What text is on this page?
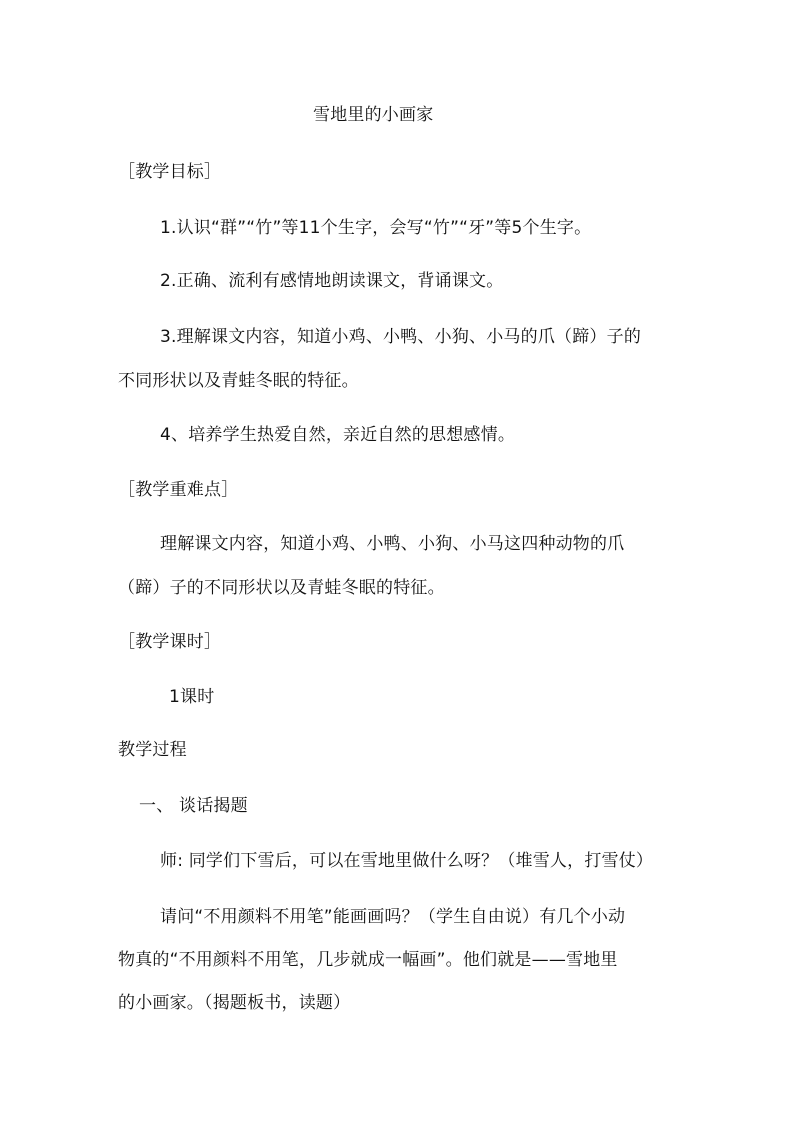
雪地里的小画家
［教学目标］
1.认识“群”“竹”等11个生字，会写“竹”“牙”等5个生字。
2.正确、流利有感情地朗读课文，背诵课文。
3.理解课文内容，知道小鸡、小鸭、小狗、小马的爪（蹄）子的
不同形状以及青蛙冬眠的特征。
4、培养学生热爱自然，亲近自然的思想感情。
［教学重难点］
理解课文内容，知道小鸡、小鸭、小狗、小马这四种动物的爪
（蹄）子的不同形状以及青蛙冬眠的特征。
［教学课时］
1课时
教学过程
一、 谈话揭题
师: 同学们下雪后，可以在雪地里做什么呀？（堆雪人，打雪仗）
请问“不用颜料不用笔”能画画吗？（学生自由说）有几个小动
物真的“不用颜料不用笔，几步就成一幅画”。他们就是——雪地里
的小画家。（揭题板书，读题）
